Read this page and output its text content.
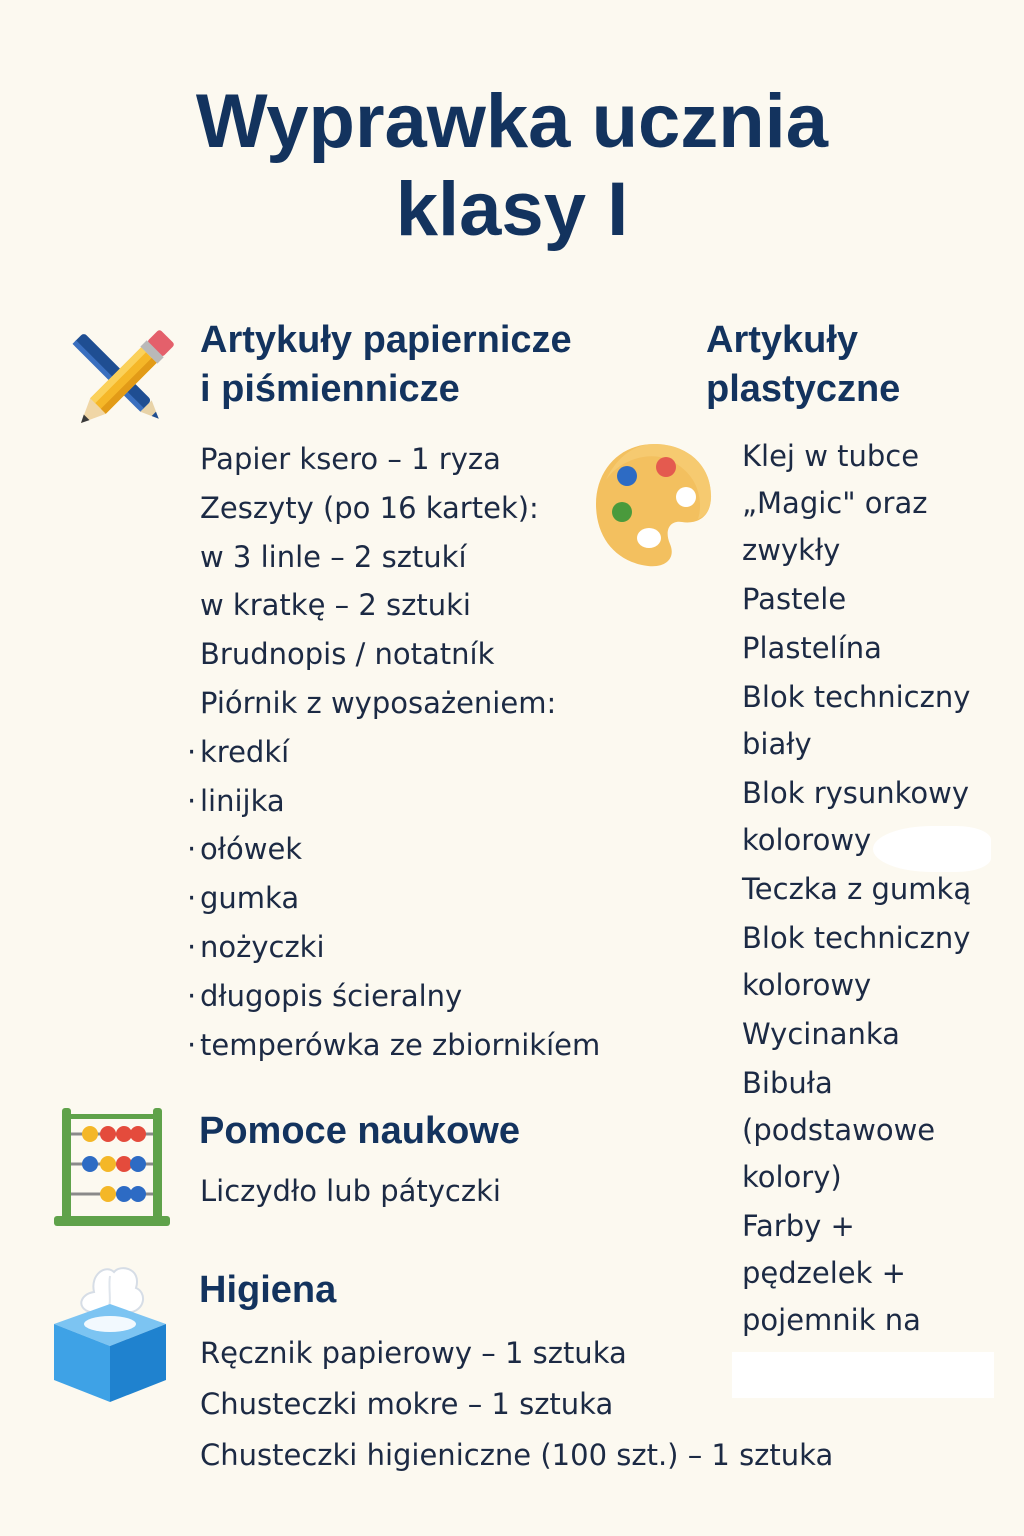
Wyprawka ucznia
klasy I
Artykuły papiernicze
i piśmiennicze
Papier ksero – 1 ryza
Zeszyty (po 16 kartek):
w 3 linle – 2 sztukí
w kratkę – 2 sztuki
Brudnopis / notatník
Piórnik z wyposażeniem:
· kredkí
· linijka
· ołówek
· gumka
· nożyczki
· długopis ścieralny
· temperówka ze zbiornikíem
Artykuły
plastyczne
Klej w tubce „Magic" oraz zwykły
Pastele
Plastelína
Blok techniczny biały
Blok rysunkowy kolorowy
Teczka z gumką
Blok techniczny kolorowy
Wycinanka
Bibuła (podstawowe kolory)
Farby + pędzelek + pojemnik na
Pomoce naukowe
Liczydło lub pátyczki
Higiena
Ręcznik papierowy – 1 sztuka
Chusteczki mokre – 1 sztuka
Chusteczki higieniczne (100 szt.) – 1 sztuka
